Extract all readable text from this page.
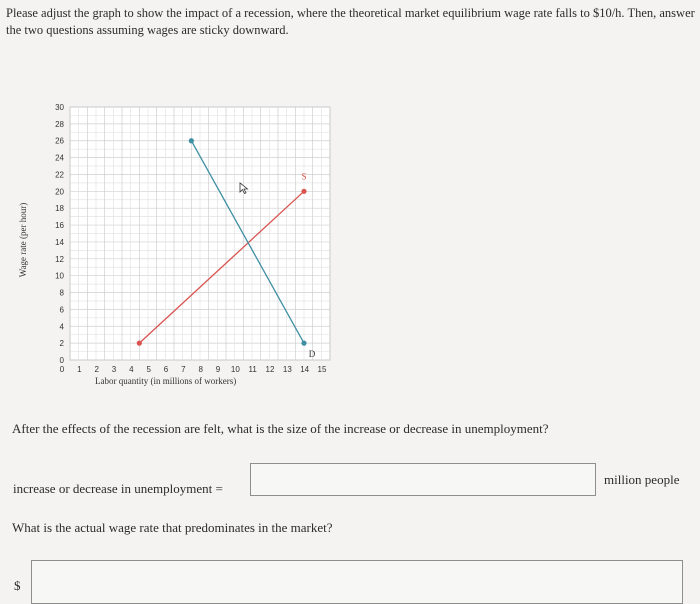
Please adjust the graph to show the impact of a recession, where the theoretical market equilibrium wage rate falls to $10/h. Then, answer the two questions assuming wages are sticky downward.

0
2
4
6
8
10
12
14
16
18
20
22
24
26
28
30
0 1 2 3 4 5 6 7 8 9 10 11 12 13 14 15
S
D
Wage rate (per hour)
Labor quantity (in millions of workers)

After the effects of the recession are felt, what is the size of the increase or decrease in unemployment?

increase or decrease in unemployment =

million people

What is the actual wage rate that predominates in the market?

$
